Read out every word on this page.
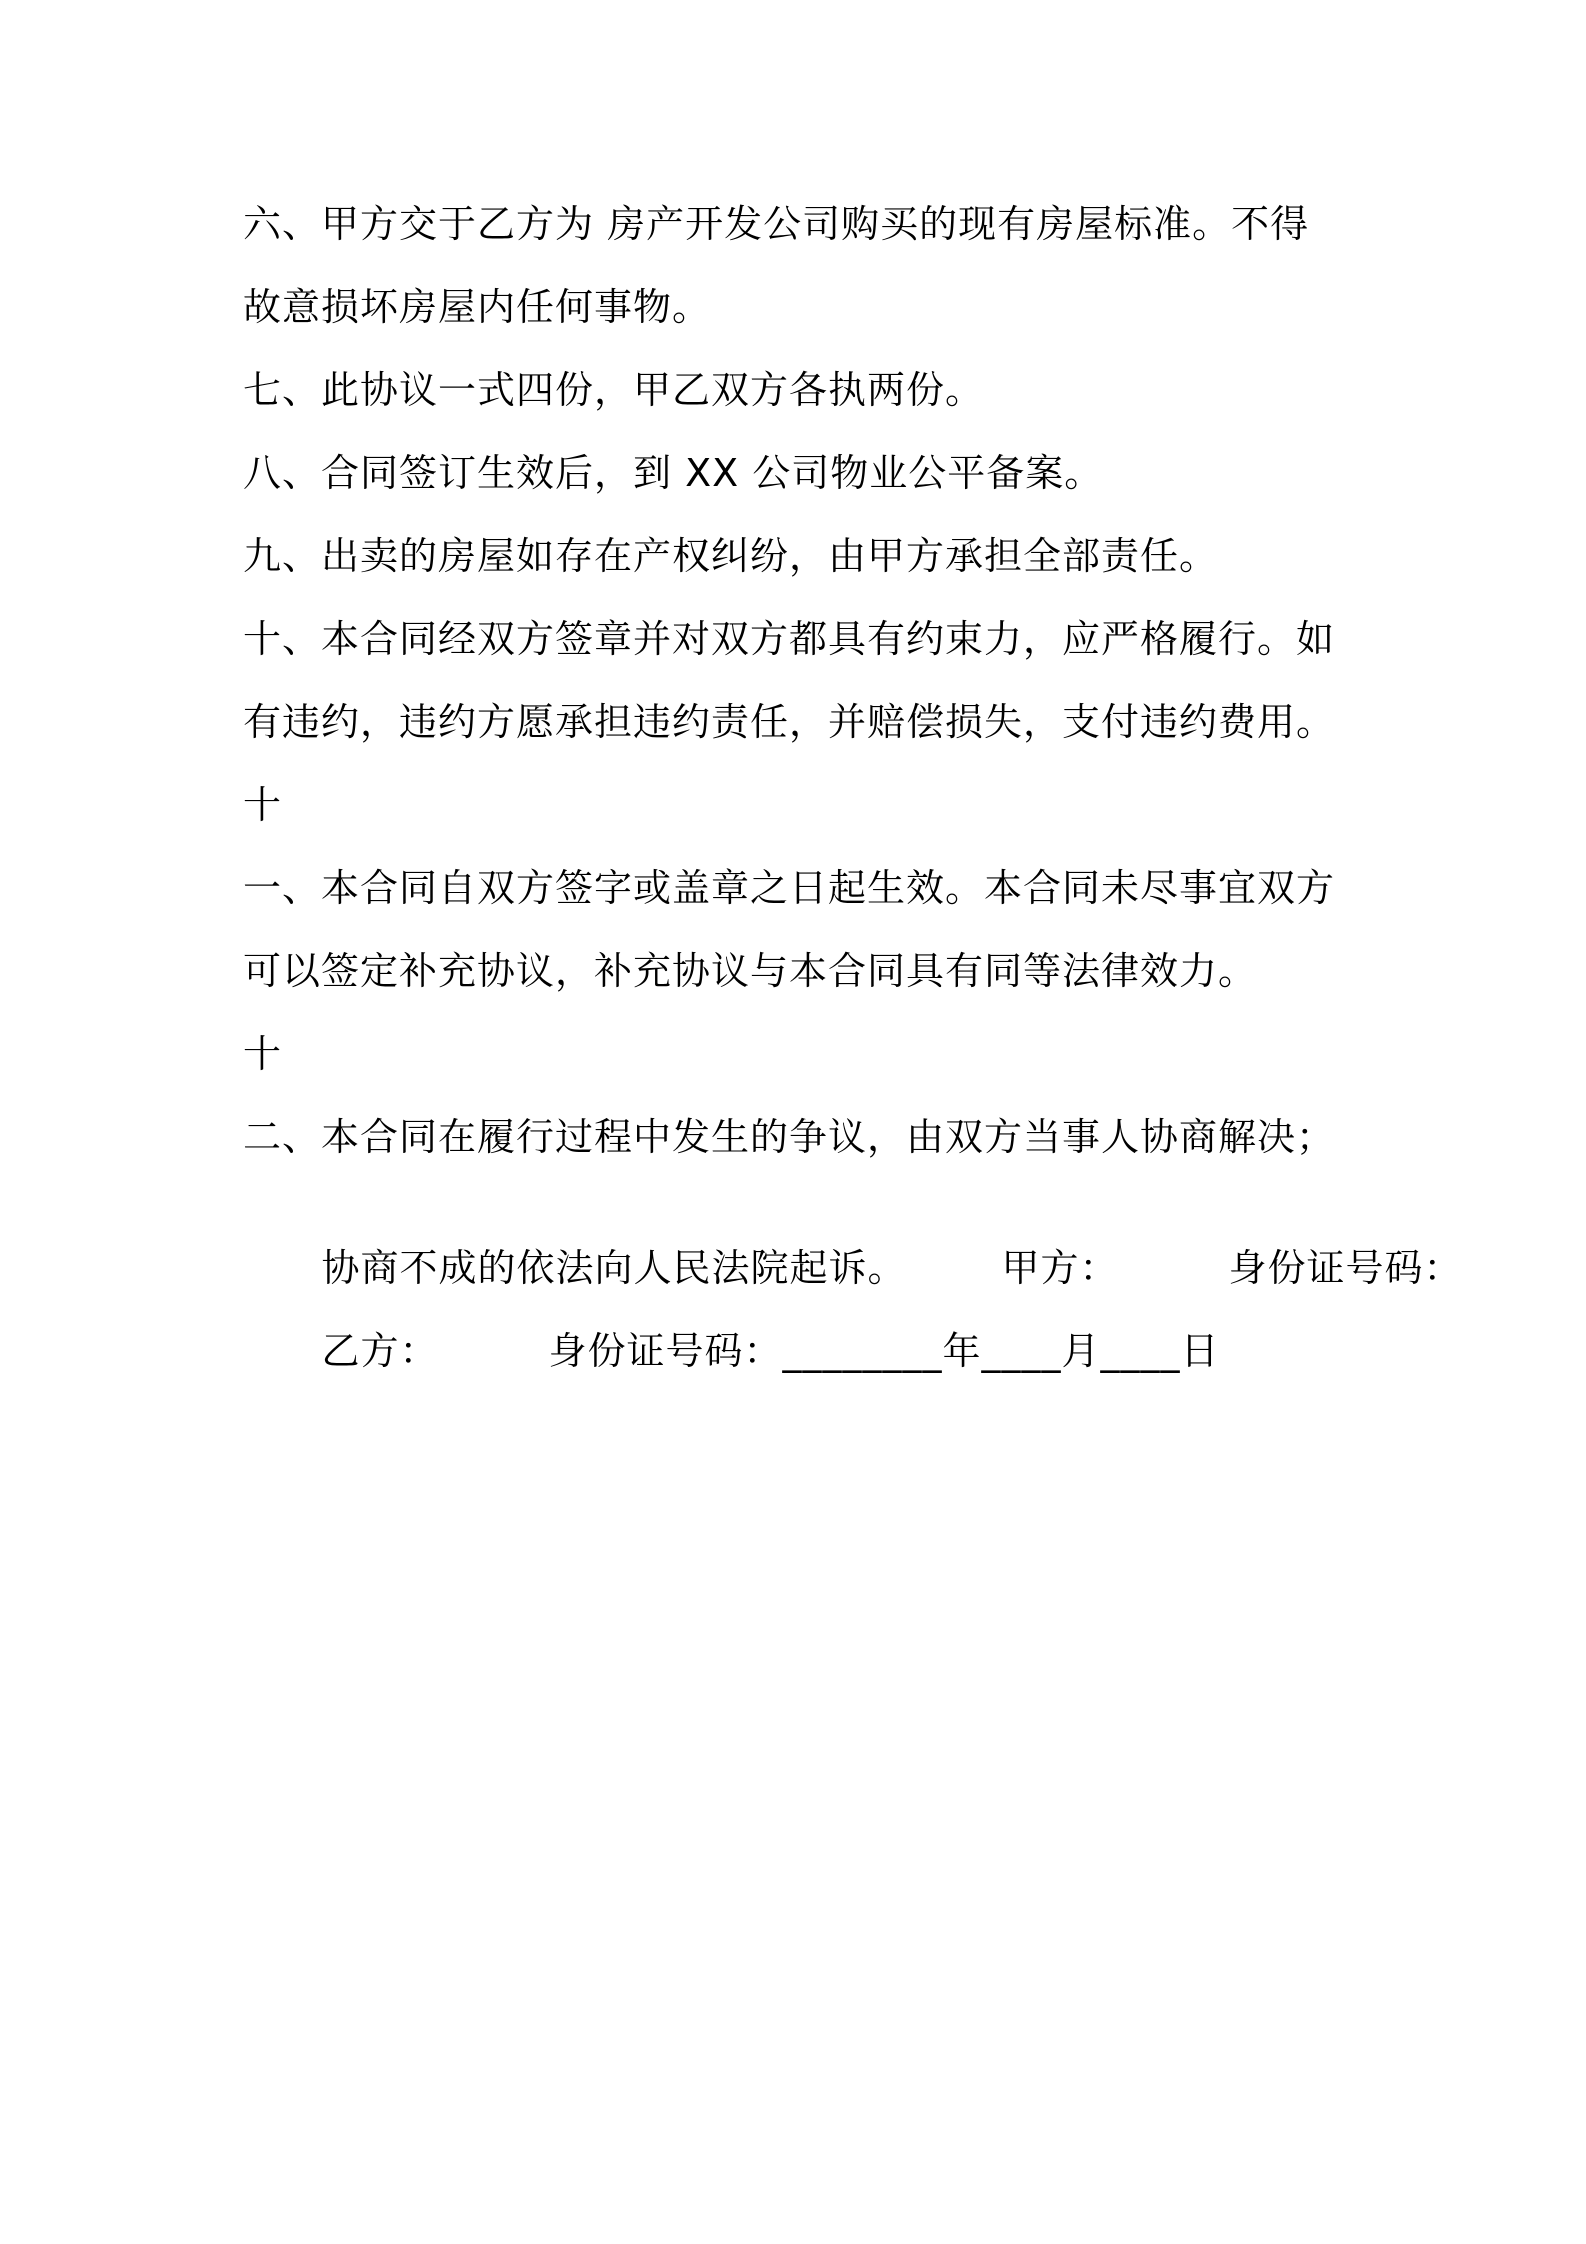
六、甲方交于乙方为 房产开发公司购买的现有房屋标准。不得
故意损坏房屋内任何事物。
七、此协议一式四份，甲乙双方各执两份。
八、合同签订生效后，到 XX 公司物业公平备案。
九、出卖的房屋如存在产权纠纷，由甲方承担全部责任。
十、本合同经双方签章并对双方都具有约束力，应严格履行。如
有违约，违约方愿承担违约责任，并赔偿损失，支付违约费用。
十
一、本合同自双方签字或盖章之日起生效。本合同未尽事宜双方
可以签定补充协议，补充协议与本合同具有同等法律效力。
十
二、本合同在履行过程中发生的争议，由双方当事人协商解决；

协商不成的依法向人民法院起诉。	甲方：	身份证号码：

乙方：	身份证号码：________年____月____日
